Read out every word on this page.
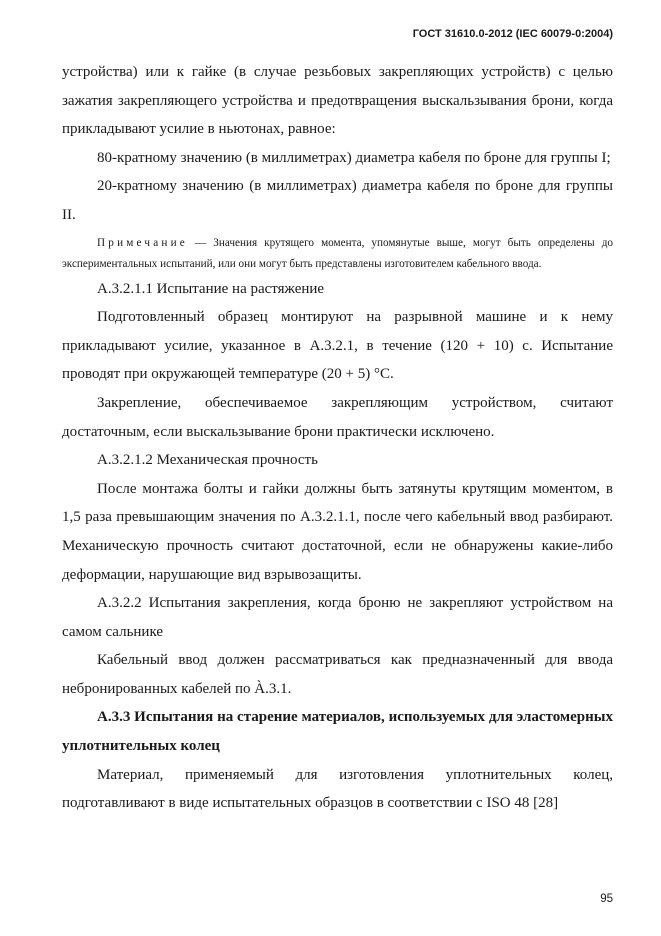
ГОСТ 31610.0-2012 (IEC 60079-0:2004)

устройства) или к гайке (в случае резьбовых закрепляющих устройств) с целью зажатия закрепляющего устройства и предотвращения выскальзывания брони, когда прикладывают усилие в ньютонах, равное:

80-кратному значению (в миллиметрах) диаметра кабеля по броне для группы I;

20-кратному значению (в миллиметрах) диаметра кабеля по броне для группы II.

Примечание — Значения крутящего момента, упомянутые выше, могут быть определены до экспериментальных испытаний, или они могут быть представлены изготовителем кабельного ввода.

А.3.2.1.1 Испытание на растяжение

Подготовленный образец монтируют на разрывной машине и к нему прикладывают усилие, указанное в А.3.2.1, в течение (120 + 10) с. Испытание проводят при окружающей температуре (20 + 5) °С.

Закрепление, обеспечиваемое закрепляющим устройством, считают достаточным, если выскальзывание брони практически исключено.

А.3.2.1.2 Механическая прочность

После монтажа болты и гайки должны быть затянуты крутящим моментом, в 1,5 раза превышающим значения по А.3.2.1.1, после чего кабельный ввод разбирают. Механическую прочность считают достаточной, если не обнаружены какие-либо деформации, нарушающие вид взрывозащиты.

А.3.2.2 Испытания закрепления, когда броню не закрепляют устройством на самом сальнике

Кабельный ввод должен рассматриваться как предназначенный для ввода небронированных кабелей по À.3.1.

А.3.3 Испытания на старение материалов, используемых для эластомерных уплотнительных колец

Материал, применяемый для изготовления уплотнительных колец, подготавливают в виде испытательных образцов в соответствии с ISO 48 [28]

95
